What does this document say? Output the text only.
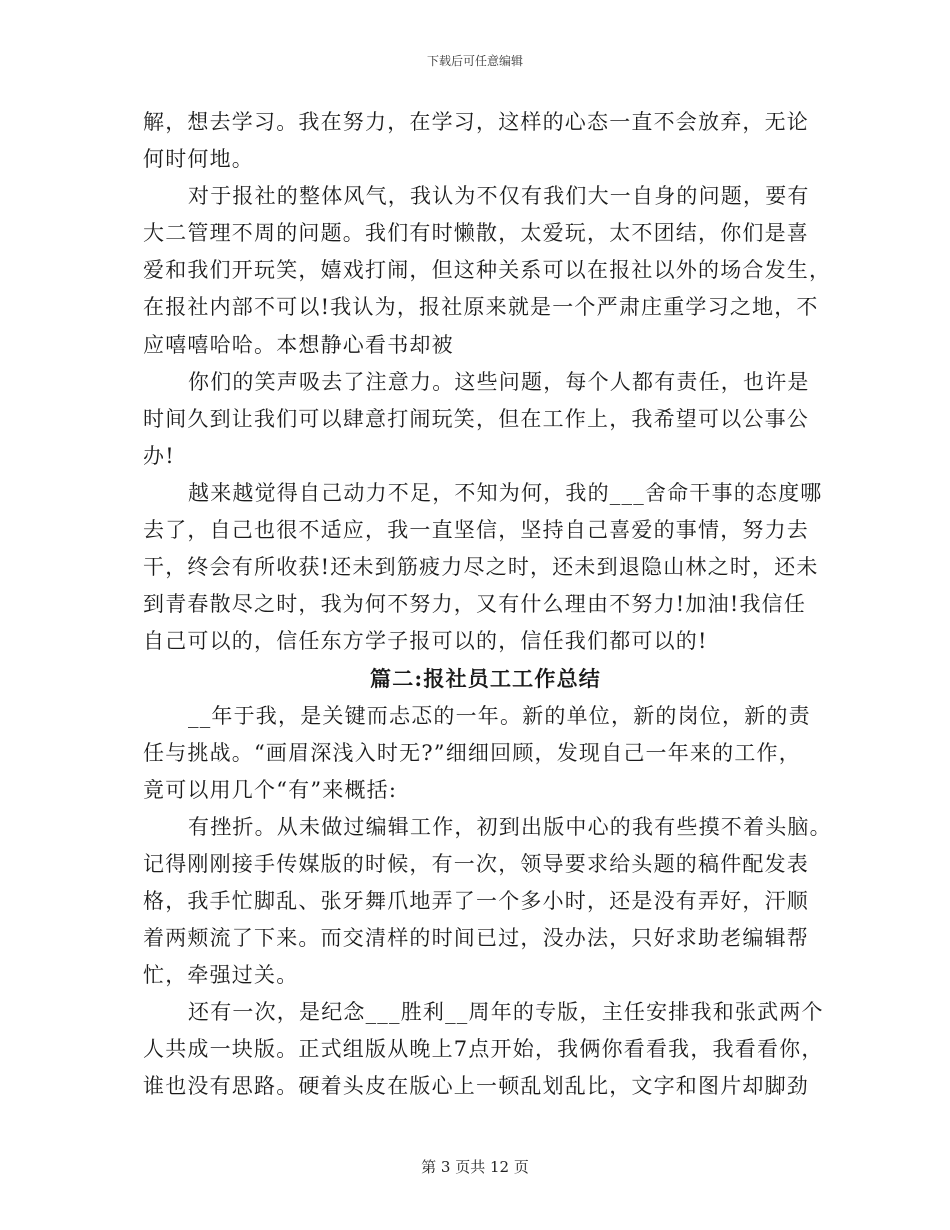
下载后可任意编辑
解，想去学习。我在努力，在学习，这样的心态一直不会放弃，无论
何时何地。
对于报社的整体风气，我认为不仅有我们大一自身的问题，要有
大二管理不周的问题。我们有时懒散，太爱玩，太不团结，你们是喜
爱和我们开玩笑，嬉戏打闹，但这种关系可以在报社以外的场合发生，
在报社内部不可以!我认为，报社原来就是一个严肃庄重学习之地，不
应嘻嘻哈哈。本想静心看书却被
你们的笑声吸去了注意力。这些问题，每个人都有责任，也许是
时间久到让我们可以肆意打闹玩笑，但在工作上，我希望可以公事公
办!
越来越觉得自己动力不足，不知为何，我的___舍命干事的态度哪
去了，自己也很不适应，我一直坚信，坚持自己喜爱的事情，努力去
干，终会有所收获!还未到筋疲力尽之时，还未到退隐山林之时，还未
到青春散尽之时，我为何不努力，又有什么理由不努力!加油!我信任
自己可以的，信任东方学子报可以的，信任我们都可以的!
篇二:报社员工工作总结
__年于我，是关键而忐忑的一年。新的单位，新的岗位，新的责
任与挑战。“画眉深浅入时无?”细细回顾，发现自己一年来的工作，
竟可以用几个“有”来概括:
有挫折。从未做过编辑工作，初到出版中心的我有些摸不着头脑。
记得刚刚接手传媒版的时候，有一次，领导要求给头题的稿件配发表
格，我手忙脚乱、张牙舞爪地弄了一个多小时，还是没有弄好，汗顺
着两颊流了下来。而交清样的时间已过，没办法，只好求助老编辑帮
忙，牵强过关。
还有一次，是纪念___胜利__周年的专版，主任安排我和张武两个
人共成一块版。正式组版从晚上7点开始，我俩你看看我，我看看你，
谁也没有思路。硬着头皮在版心上一顿乱划乱比，文字和图片却脚劲
第 3 页共 12 页
